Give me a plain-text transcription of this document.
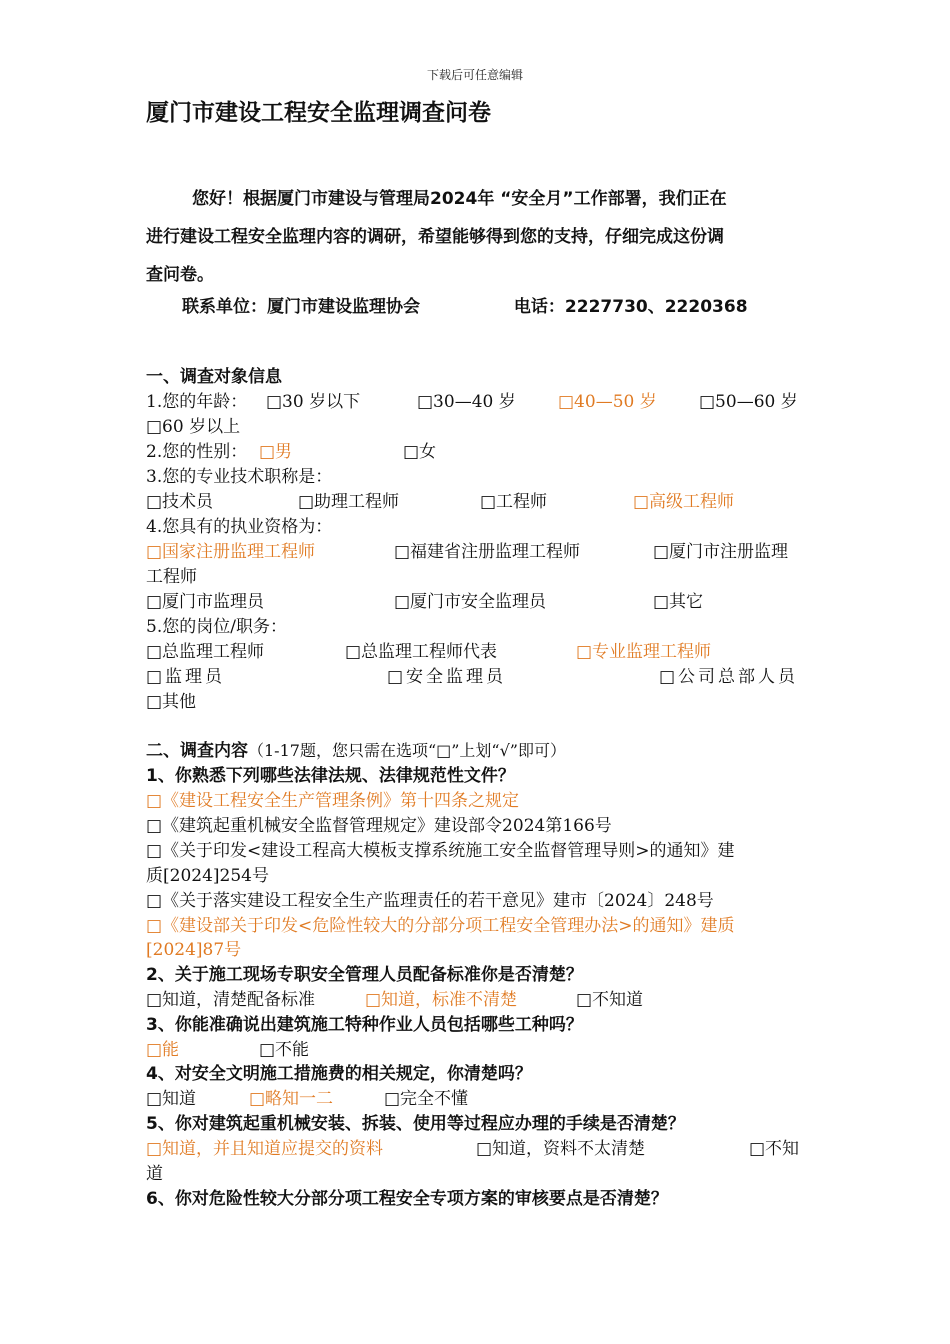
下载后可任意编辑
厦门市建设工程安全监理调查问卷

您好！根据厦门市建设与管理局2024年 “安全月”工作部署，我们正在

进行建设工程安全监理内容的调研，希望能够得到您的支持，仔细完成这份调

查问卷。

联系单位：厦门市建设监理协会	电话：2227730、2220368
一、调查对象信息
1.您的年龄： □30 岁以下	□30—40 岁 □40—50 岁 □50—60 岁
□60 岁以上
2.您的性别： □男	□女
3.您的专业技术职称是：
□技术员	□助理工程师	□工程师	□高级工程师
4.您具有的执业资格为：
□国家注册监理工程师	□福建省注册监理工程师	□厦门市注册监理
工程师
□厦门市监理员	□厦门市安全监理员	□其它
5.您的岗位/职务：
□总监理工程师	□总监理工程师代表	□专业监理工程师
□监理员	□安全监理员	□公司总部人员
□其他
二、调查内容（1-17题，您只需在选项“□”上划“√”即可）
1、你熟悉下列哪些法律法规、法律规范性文件？
□《建设工程安全生产管理条例》第十四条之规定
□《建筑起重机械安全监督管理规定》建设部令2024第166号
□《关于印发<建设工程高大模板支撑系统施工安全监督管理导则>的通知》建
质[2024]254号
□《关于落实建设工程安全生产监理责任的若干意见》建市〔2024〕248号
□《建设部关于印发<危险性较大的分部分项工程安全管理办法>的通知》建质
[2024]87号
2、关于施工现场专职安全管理人员配备标准你是否清楚？
□知道，清楚配备标准	□知道，标准不清楚	□不知道
3、你能准确说出建筑施工特种作业人员包括哪些工种吗？
□能	□不能
4、对安全文明施工措施费的相关规定，你清楚吗？
□知道	□略知一二	□完全不懂
5、你对建筑起重机械安装、拆装、使用等过程应办理的手续是否清楚？
□知道，并且知道应提交的资料	□知道，资料不太清楚	□不知
道
6、你对危险性较大分部分项工程安全专项方案的审核要点是否清楚？
